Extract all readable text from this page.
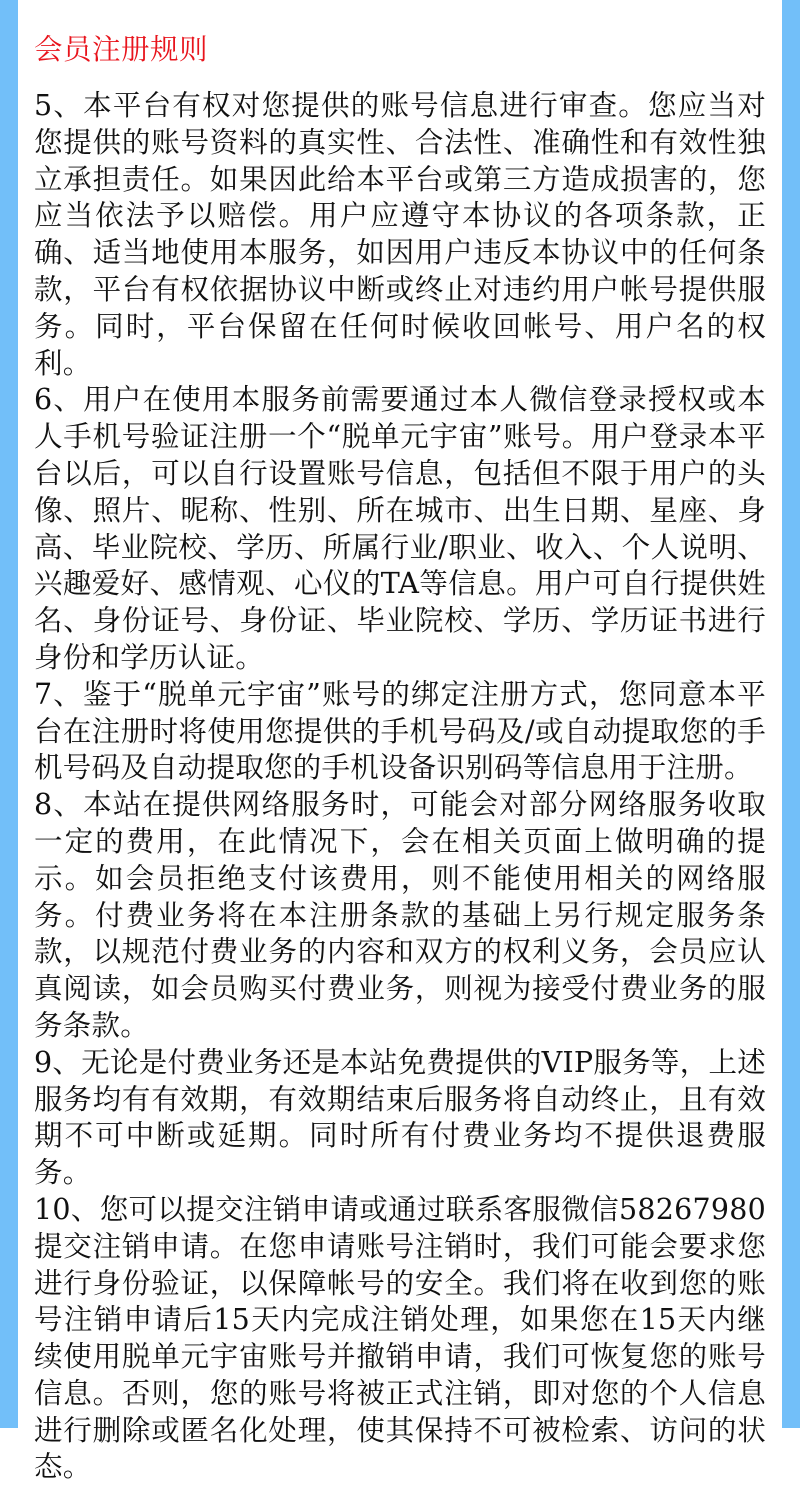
会员注册规则

5、本平台有权对您提供的账号信息进行审查。您应当对您提供的账号资料的真实性、合法性、准确性和有效性独立承担责任。如果因此给本平台或第三方造成损害的，您应当依法予以赔偿。用户应遵守本协议的各项条款，正确、适当地使用本服务，如因用户违反本协议中的任何条款，平台有权依据协议中断或终止对违约用户帐号提供服务。同时，平台保留在任何时候收回帐号、用户名的权利。

6、用户在使用本服务前需要通过本人微信登录授权或本人手机号验证注册一个“脱单元宇宙”账号。用户登录本平台以后，可以自行设置账号信息，包括但不限于用户的头像、照片、昵称、性别、所在城市、出生日期、星座、身高、毕业院校、学历、所属行业/职业、收入、个人说明、兴趣爱好、感情观、心仪的TA等信息。用户可自行提供姓名、身份证号、身份证、毕业院校、学历、学历证书进行身份和学历认证。

7、鉴于“脱单元宇宙”账号的绑定注册方式，您同意本平台在注册时将使用您提供的手机号码及/或自动提取您的手机号码及自动提取您的手机设备识别码等信息用于注册。

8、本站在提供网络服务时，可能会对部分网络服务收取一定的费用，在此情况下，会在相关页面上做明确的提示。如会员拒绝支付该费用，则不能使用相关的网络服务。付费业务将在本注册条款的基础上另行规定服务条款，以规范付费业务的内容和双方的权利义务，会员应认真阅读，如会员购买付费业务，则视为接受付费业务的服务条款。

9、无论是付费业务还是本站免费提供的VIP服务等，上述服务均有有效期，有效期结束后服务将自动终止，且有效期不可中断或延期。同时所有付费业务均不提供退费服务。

10、您可以提交注销申请或通过联系客服微信58267980提交注销申请。在您申请账号注销时，我们可能会要求您进行身份验证，以保障帐号的安全。我们将在收到您的账号注销申请后15天内完成注销处理，如果您在15天内继续使用脱单元宇宙账号并撤销申请，我们可恢复您的账号信息。否则，您的账号将被正式注销，即对您的个人信息进行删除或匿名化处理，使其保持不可被检索、访问的状态。
